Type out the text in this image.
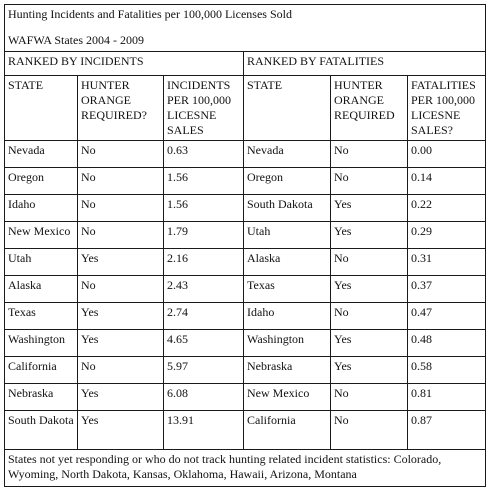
Hunting Incidents and Fatalities per 100,000 Licenses Sold
WAFWA States 2004 - 2009					

RANKED BY INCIDENTS			RANKED BY FATALITIES		
STATE	HUNTER ORANGE REQUIRED?	INCIDENTS PER 100,000 LICESNE SALES	STATE	HUNTER ORANGE REQUIRED	FATALITIES PER 100,000 LICESNE SALES?
Nevada	No	0.63	Nevada	No	0.00
Oregon	No	1.56	Oregon	No	0.14
Idaho	No	1.56	South Dakota	Yes	0.22
New Mexico	No	1.79	Utah	Yes	0.29
Utah	Yes	2.16	Alaska	No	0.31
Alaska	No	2.43	Texas	Yes	0.37
Texas	Yes	2.74	Idaho	No	0.47
Washington	Yes	4.65	Washington	Yes	0.48
California	No	5.97	Nebraska	Yes	0.58
Nebraska	Yes	6.08	New Mexico	No	0.81
South Dakota	Yes	13.91	California	No	0.87
States not yet responding or who do not track hunting related incident statistics: Colorado, Wyoming, North Dakota, Kansas, Oklahoma, Hawaii, Arizona, Montana					
